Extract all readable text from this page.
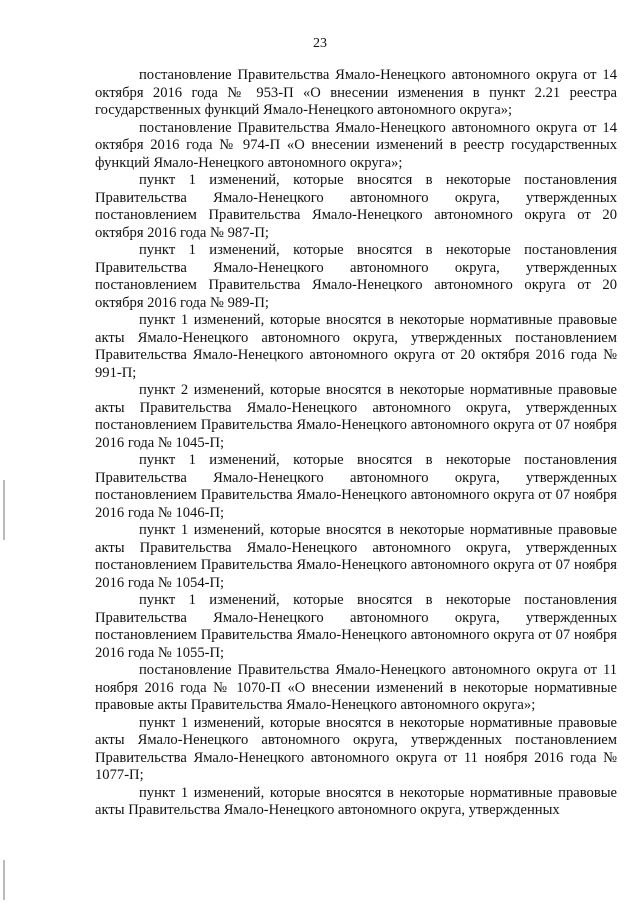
23

постановление Правительства Ямало-Ненецкого автономного округа от 14 октября 2016 года № 953-П «О внесении изменения в пункт 2.21 реестра государственных функций Ямало-Ненецкого автономного округа»;

постановление Правительства Ямало-Ненецкого автономного округа от 14 октября 2016 года № 974-П «О внесении изменений в реестр государственных функций Ямало-Ненецкого автономного округа»;

пункт 1 изменений, которые вносятся в некоторые постановления Правительства Ямало-Ненецкого автономного округа, утвержденных постановлением Правительства Ямало-Ненецкого автономного округа от 20 октября 2016 года № 987-П;

пункт 1 изменений, которые вносятся в некоторые постановления Правительства Ямало-Ненецкого автономного округа, утвержденных постановлением Правительства Ямало-Ненецкого автономного округа от 20 октября 2016 года № 989-П;

пункт 1 изменений, которые вносятся в некоторые нормативные правовые акты Ямало-Ненецкого автономного округа, утвержденных постановлением Правительства Ямало-Ненецкого автономного округа от 20 октября 2016 года № 991-П;

пункт 2 изменений, которые вносятся в некоторые нормативные правовые акты Правительства Ямало-Ненецкого автономного округа, утвержденных постановлением Правительства Ямало-Ненецкого автономного округа от 07 ноября 2016 года № 1045-П;

пункт 1 изменений, которые вносятся в некоторые постановления Правительства Ямало-Ненецкого автономного округа, утвержденных постановлением Правительства Ямало-Ненецкого автономного округа от 07 ноября 2016 года № 1046-П;

пункт 1 изменений, которые вносятся в некоторые нормативные правовые акты Правительства Ямало-Ненецкого автономного округа, утвержденных постановлением Правительства Ямало-Ненецкого автономного округа от 07 ноября 2016 года № 1054-П;

пункт 1 изменений, которые вносятся в некоторые постановления Правительства Ямало-Ненецкого автономного округа, утвержденных постановлением Правительства Ямало-Ненецкого автономного округа от 07 ноября 2016 года № 1055-П;

постановление Правительства Ямало-Ненецкого автономного округа от 11 ноября 2016 года № 1070-П «О внесении изменений в некоторые нормативные правовые акты Правительства Ямало-Ненецкого автономного округа»;

пункт 1 изменений, которые вносятся в некоторые нормативные правовые акты Ямало-Ненецкого автономного округа, утвержденных постановлением Правительства Ямало-Ненецкого автономного округа от 11 ноября 2016 года № 1077-П;

пункт 1 изменений, которые вносятся в некоторые нормативные правовые акты Правительства Ямало-Ненецкого автономного округа, утвержденных
